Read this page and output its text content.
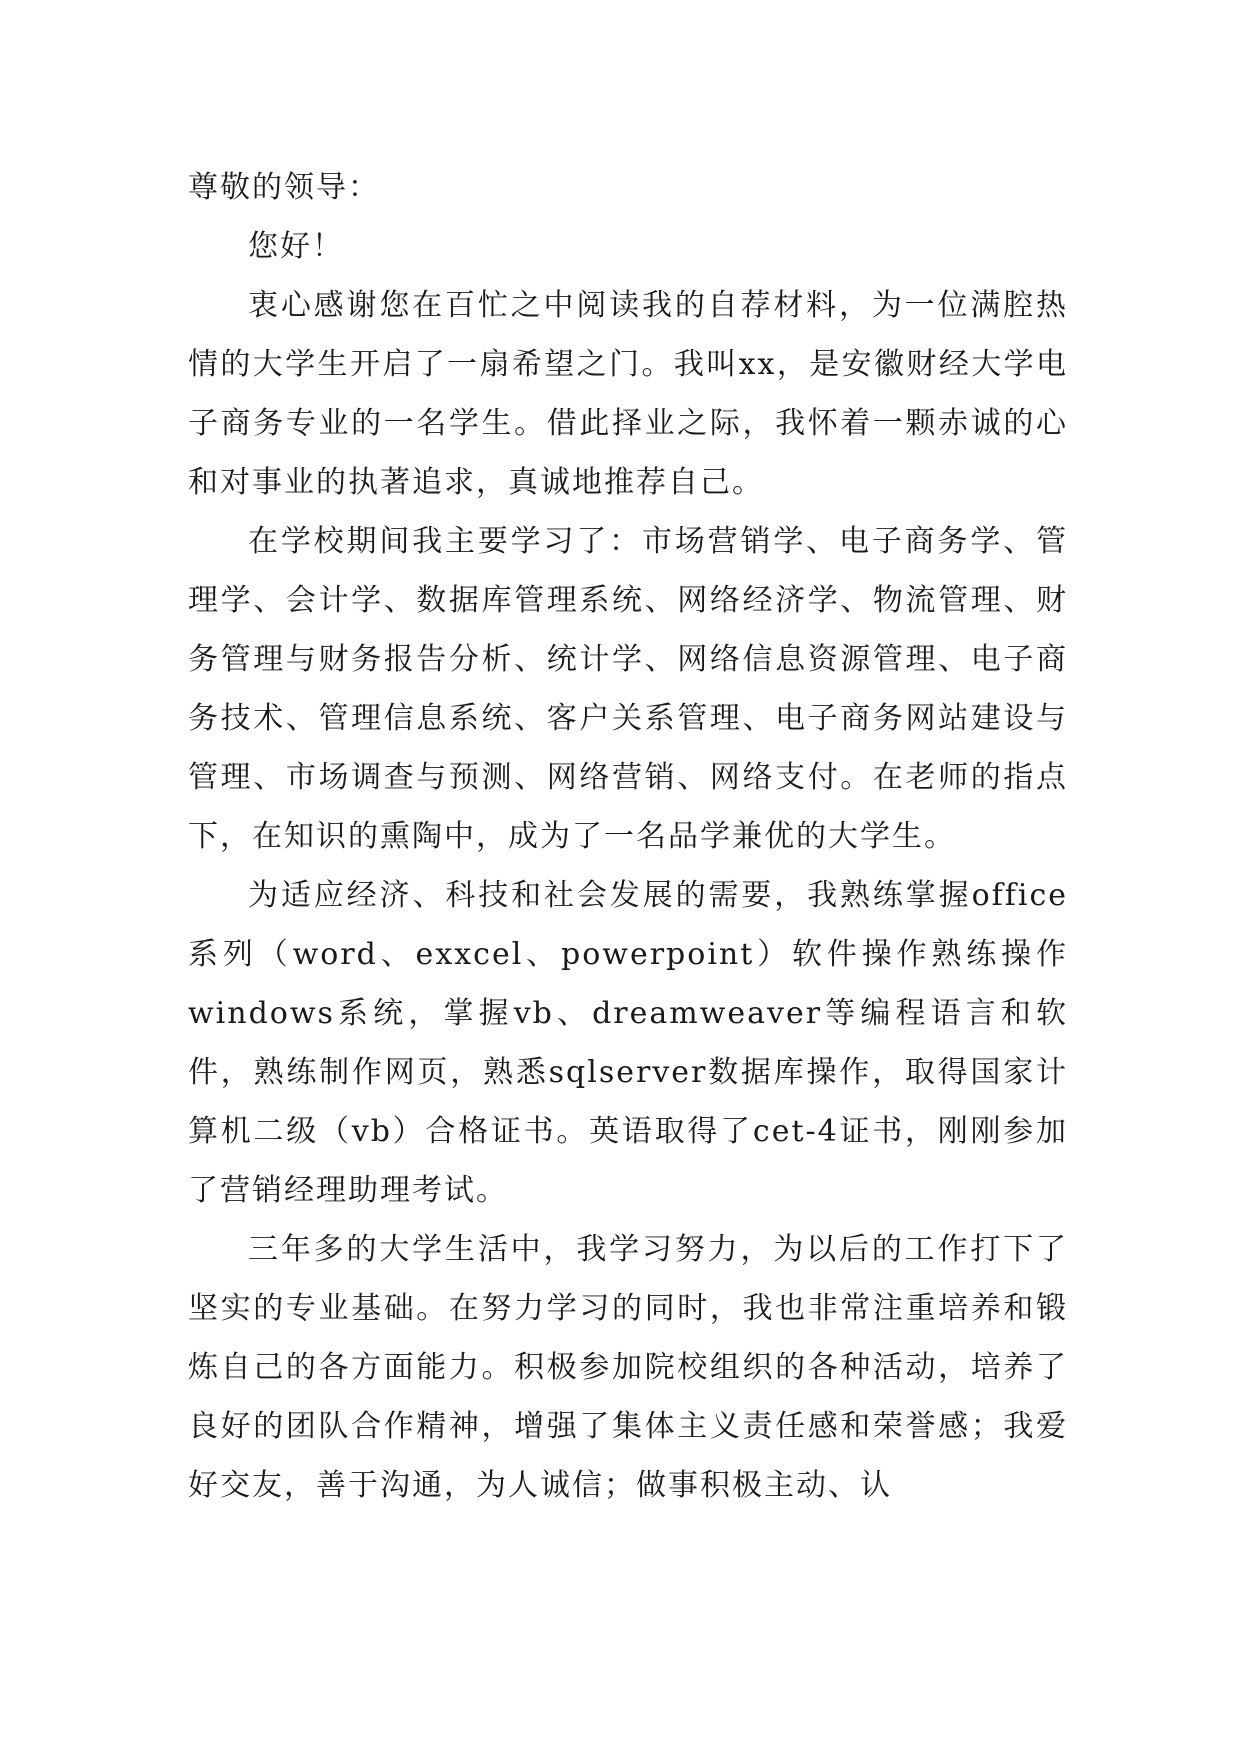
尊敬的领导：

您好！

衷心感谢您在百忙之中阅读我的自荐材料，为一位满腔热情的大学生开启了一扇希望之门。我叫xx，是安徽财经大学电子商务专业的一名学生。借此择业之际，我怀着一颗赤诚的心和对事业的执著追求，真诚地推荐自己。

在学校期间我主要学习了：市场营销学、电子商务学、管理学、会计学、数据库管理系统、网络经济学、物流管理、财务管理与财务报告分析、统计学、网络信息资源管理、电子商务技术、管理信息系统、客户关系管理、电子商务网站建设与管理、市场调查与预测、网络营销、网络支付。在老师的指点下，在知识的熏陶中，成为了一名品学兼优的大学生。

为适应经济、科技和社会发展的需要，我熟练掌握office系列（word、exxcel、powerpoint）软件操作熟练操作windows系统，掌握vb、dreamweaver等编程语言和软件，熟练制作网页，熟悉sqlserver数据库操作，取得国家计算机二级（vb）合格证书。英语取得了cet-4证书，刚刚参加了营销经理助理考试。

三年多的大学生活中，我学习努力，为以后的工作打下了坚实的专业基础。在努力学习的同时，我也非常注重培养和锻炼自己的各方面能力。积极参加院校组织的各种活动，培养了良好的团队合作精神，增强了集体主义责任感和荣誉感；我爱好交友，善于沟通，为人诚信；做事积极主动、认
